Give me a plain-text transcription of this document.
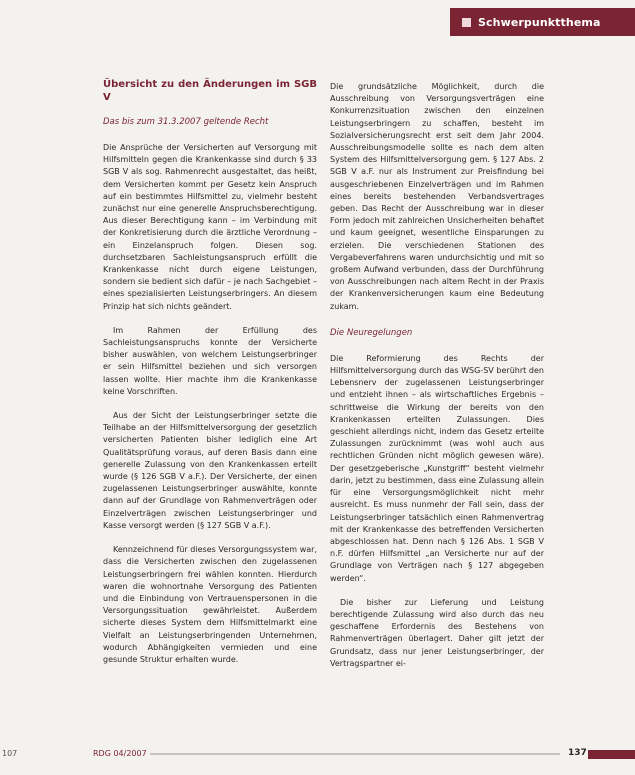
Schwerpunktthema
Übersicht zu den Änderungen im SGB V
Das bis zum 31.3.2007 geltende Recht

Die Ansprüche der Versicherten auf Versorgung mit Hilfsmitteln gegen die Krankenkasse sind durch § 33 SGB V als sog. Rahmenrecht ausgestaltet, das heißt, dem Versicherten kommt per Gesetz kein Anspruch auf ein bestimmtes Hilfsmittel zu, vielmehr besteht zunächst nur eine generelle Anspruchsberechtigung. Aus dieser Berechtigung kann – im Verbindung mit der Konkretisierung durch die ärztliche Verordnung – ein Einzelanspruch folgen. Diesen sog. durchsetzbaren Sachleistungsanspruch erfüllt die Krankenkasse nicht durch eigene Leistungen, sondern sie bedient sich dafür – je nach Sachgebiet – eines spezialisierten Leistungserbringers. An diesem Prinzip hat sich nichts geändert.

Im Rahmen der Erfüllung des Sachleistungsanspruchs konnte der Versicherte bisher auswählen, von welchem Leistungserbringer er sein Hilfsmittel beziehen und sich versorgen lassen wollte. Hier machte ihm die Krankenkasse keine Vorschriften.

Aus der Sicht der Leistungserbringer setzte die Teilhabe an der Hilfsmittelversorgung der gesetzlich versicherten Patienten bisher lediglich eine Art Qualitätsprüfung voraus, auf deren Basis dann eine generelle Zulassung von den Krankenkassen erteilt wurde (§ 126 SGB V a.F.). Der Versicherte, der einen zugelassenen Leistungserbringer auswählte, konnte dann auf der Grundlage von Rahmenverträgen oder Einzelverträgen zwischen Leistungserbringer und Kasse versorgt werden (§ 127 SGB V a.F.).

Kennzeichnend für dieses Versorgungssystem war, dass die Versicherten zwischen den zugelassenen Leistungserbringern frei wählen konnten. Hierdurch waren die wohnortnahe Versorgung des Patienten und die Einbindung von Vertrauenspersonen in die Versorgungssituation gewährleistet. Außerdem sicherte dieses System dem Hilfsmittelmarkt eine Vielfalt an Leistungserbringenden Unternehmen, wodurch Abhängigkeiten vermieden und eine gesunde Struktur erhalten wurde.

Die grundsätzliche Möglichkeit, durch die Ausschreibung von Versorgungsverträgen eine Konkurrenzsituation zwischen den einzelnen Leistungserbringern zu schaffen, besteht im Sozialversicherungsrecht erst seit dem Jahr 2004. Ausschreibungsmodelle sollte es nach dem alten System des Hilfsmittelversorgung gem. § 127 Abs. 2 SGB V a.F. nur als Instrument zur Preisfindung bei ausgeschriebenen Einzelverträgen und im Rahmen eines bereits bestehenden Verbandsvertrages geben. Das Recht der Ausschreibung war in dieser Form jedoch mit zahlreichen Unsicherheiten behaftet und kaum geeignet, wesentliche Einsparungen zu erzielen. Die verschiedenen Stationen des Vergabeverfahrens waren undurchsichtig und mit so großem Aufwand verbunden, dass der Durchführung von Ausschreibungen nach altem Recht in der Praxis der Krankenversicherungen kaum eine Bedeutung zukam.

Die Neuregelungen

Die Reformierung des Rechts der Hilfsmittelversorgung durch das WSG-SV berührt den Lebensnerv der zugelassenen Leistungserbringer und entzieht ihnen – als wirtschaftliches Ergebnis – schrittweise die Wirkung der bereits von den Krankenkassen erteilten Zulassungen. Dies geschieht allerdings nicht, indem das Gesetz erteilte Zulassungen zurücknimmt (was wohl auch aus rechtlichen Gründen nicht möglich gewesen wäre). Der gesetzgeberische „Kunstgriff“ besteht vielmehr darin, jetzt zu bestimmen, dass eine Zulassung allein für eine Versorgungsmöglichkeit nicht mehr ausreicht. Es muss nunmehr der Fall sein, dass der Leistungserbringer tatsächlich einen Rahmenvertrag mit der Krankenkasse des betreffenden Versicherten abgeschlossen hat. Denn nach § 126 Abs. 1 SGB V n.F. dürfen Hilfsmittel „an Versicherte nur auf der Grundlage von Verträgen nach § 127 abgegeben werden“.

Die bisher zur Lieferung und Leistung berechtigende Zulassung wird also durch das neu geschaffene Erfordernis des Bestehens von Rahmenverträgen überlagert. Daher gilt jetzt der Grundsatz, dass nur jener Leistungserbringer, der Vertragspartner ei-

107	RDG 04/2007	137
